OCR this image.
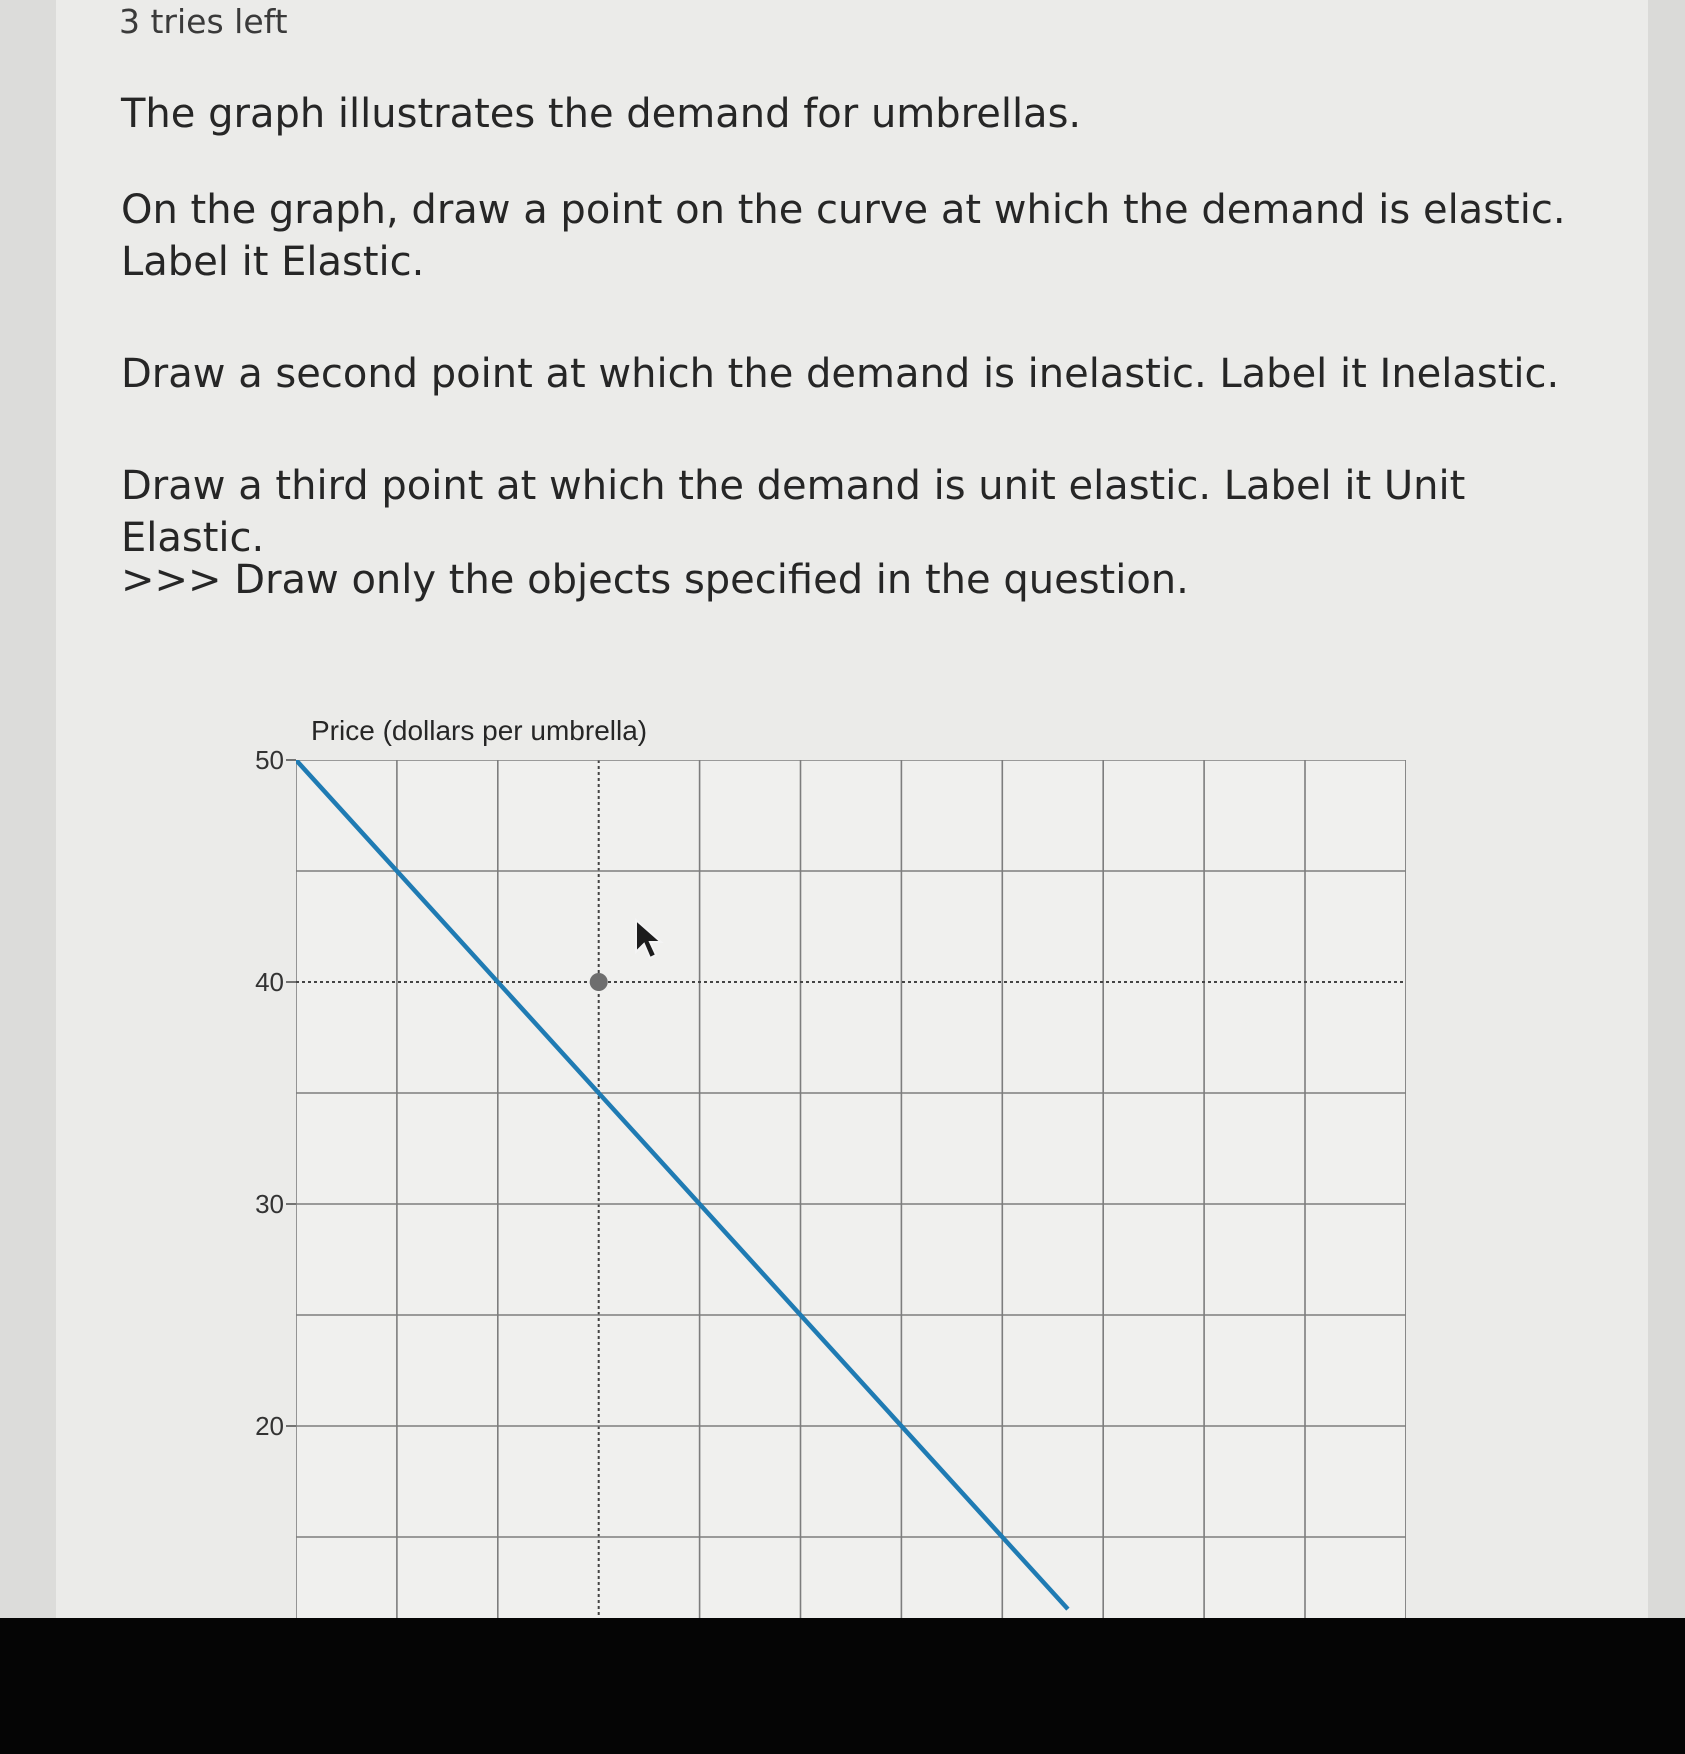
3 tries left
The graph illustrates the demand for umbrellas.
On the graph, draw a point on the curve at which the demand is elastic. Label it Elastic.
Draw a second point at which the demand is inelastic. Label it Inelastic.
Draw a third point at which the demand is unit elastic. Label it Unit Elastic.
>>> Draw only the objects specified in the question.
50
40
30
20
Price (dollars per umbrella)
